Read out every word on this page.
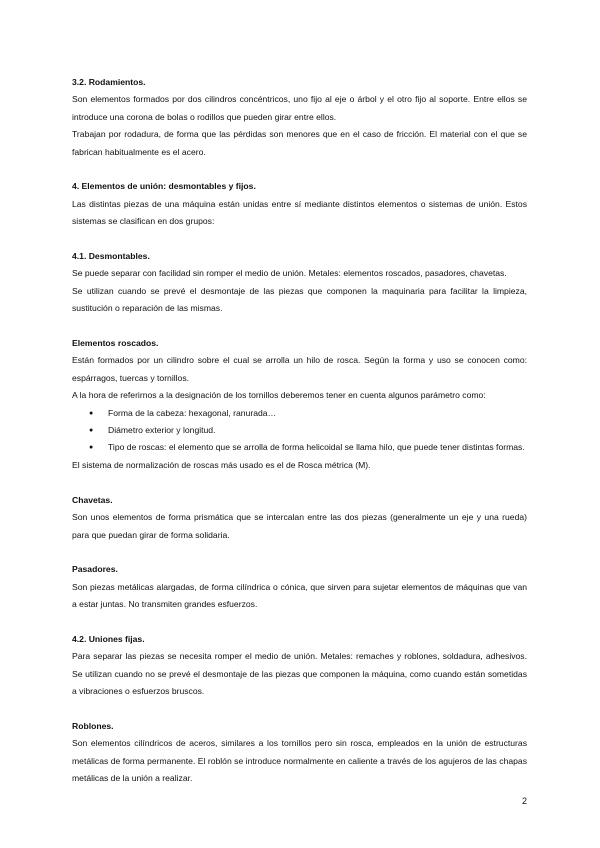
3.2. Rodamientos.

Son elementos formados por dos cilindros concéntricos, uno fijo al eje o árbol y el otro fijo al soporte. Entre ellos se introduce una corona de bolas o rodillos que pueden girar entre ellos.

Trabajan por rodadura, de forma que las pérdidas son menores que en el caso de fricción. El material con el que se fabrican habitualmente es el acero.

4. Elementos de unión: desmontables y fijos.

Las distintas piezas de una máquina están unidas entre sí mediante distintos elementos o sistemas de unión. Estos sistemas se clasifican en dos grupos:

4.1. Desmontables.

Se puede separar con facilidad sin romper el medio de unión. Metales: elementos roscados, pasadores, chavetas.

Se utilizan cuando se prevé el desmontaje de las piezas que componen la maquinaria para facilitar la limpieza, sustitución o reparación de las mismas.

Elementos roscados.

Están formados por un cilindro sobre el cual se arrolla un hilo de rosca. Según la forma y uso se conocen como: espárragos, tuercas y tornillos.

A la hora de referirnos a la designación de los tornillos deberemos tener en cuenta algunos parámetro como:

● Forma de la cabeza: hexagonal, ranurada…
● Diámetro exterior y longitud.
● Tipo de roscas: el elemento que se arrolla de forma helicoidal se llama hilo, que puede tener distintas formas.

El sistema de normalización de roscas más usado es el de Rosca métrica (M).

Chavetas.

Son unos elementos de forma prismática que se intercalan entre las dos piezas (generalmente un eje y una rueda) para que puedan girar de forma solidaria.

Pasadores.

Son piezas metálicas alargadas, de forma cilíndrica o cónica, que sirven para sujetar elementos de máquinas que van a estar juntas. No transmiten grandes esfuerzos.

4.2. Uniones fijas.

Para separar las piezas se necesita romper el medio de unión. Metales: remaches y roblones, soldadura, adhesivos. Se utilizan cuando no se prevé el desmontaje de las piezas que componen la máquina, como cuando están sometidas a vibraciones o esfuerzos bruscos.

Roblones.

Son elementos cilíndricos de aceros, similares a los tornillos pero sin rosca, empleados en la unión de estructuras metálicas de forma permanente. El roblón se introduce normalmente en caliente a través de los agujeros de las chapas metálicas de la unión a realizar.

2
